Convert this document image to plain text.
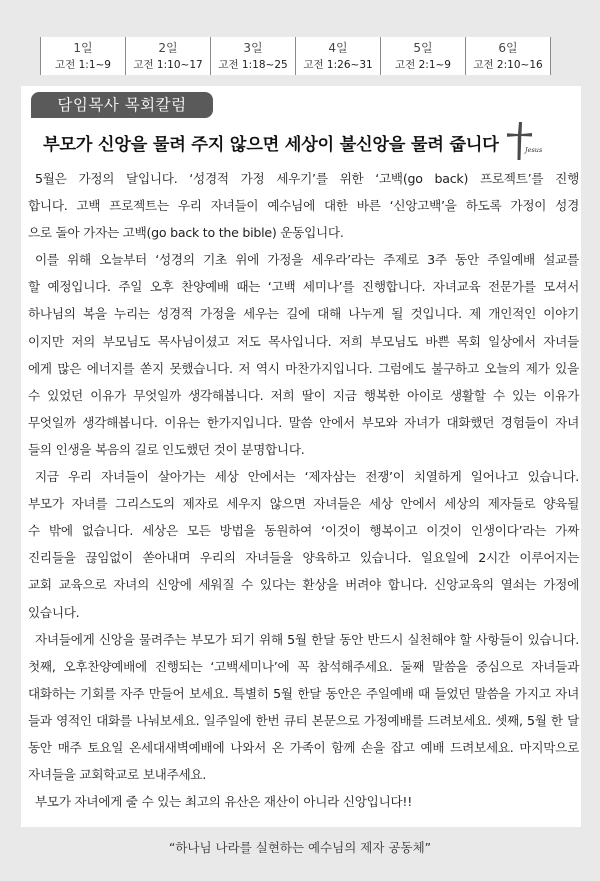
1일
고전 1:1~9
2일
고전 1:10~17
3일
고전 1:18~25
4일
고전 1:26~31
5일
고전 2:1~9
6일
고전 2:10~16
담임목사 목회칼럼
부모가 신앙을 물려 주지 않으면 세상이 불신앙을 물려 줍니다	Jesus
5월은 가정의 달입니다. ‘성경적 가정 세우기’를 위한 ‘고백(go back) 프로젝트’를 진행
합니다. 고백 프로젝트는 우리 자녀들이 예수님에 대한 바른 ‘신앙고백’을 하도록 가정이 성경
으로 돌아 가자는 고백(go back to the bible) 운동입니다.
이를 위해 오늘부터 ‘성경의 기초 위에 가정을 세우라’라는 주제로 3주 동안 주일예배 설교를
할 예정입니다. 주일 오후 찬양예배 때는 ‘고백 세미나’를 진행합니다. 자녀교육 전문가를 모셔서
하나님의 복을 누리는 성경적 가정을 세우는 길에 대해 나누게 될 것입니다. 제 개인적인 이야기
이지만 저의 부모님도 목사님이셨고 저도 목사입니다. 저희 부모님도 바쁜 목회 일상에서 자녀들
에게 많은 에너지를 쏟지 못했습니다. 저 역시 마찬가지입니다. 그럼에도 불구하고 오늘의 제가 있을
수 있었던 이유가 무엇일까 생각해봅니다. 저희 딸이 지금 행복한 아이로 생활할 수 있는 이유가
무엇일까 생각해봅니다. 이유는 한가지입니다. 말씀 안에서 부모와 자녀가 대화했던 경험들이 자녀
들의 인생을 복음의 길로 인도했던 것이 분명합니다.
지금 우리 자녀들이 살아가는 세상 안에서는 ‘제자삼는 전쟁’이 치열하게 일어나고 있습니다.
부모가 자녀를 그리스도의 제자로 세우지 않으면 자녀들은 세상 안에서 세상의 제자들로 양육될
수 밖에 없습니다. 세상은 모든 방법을 동원하여 ‘이것이 행복이고 이것이 인생이다’라는 가짜
진리들을 끊임없이 쏟아내며 우리의 자녀들을 양육하고 있습니다. 일요일에 2시간 이루어지는
교회 교육으로 자녀의 신앙에 세워질 수 있다는 환상을 버려야 합니다. 신앙교육의 열쇠는 가정에
있습니다.
자녀들에게 신앙을 물려주는 부모가 되기 위해 5월 한달 동안 반드시 실천해야 할 사항들이 있습니다.
첫째, 오후찬양예배에 진행되는 ‘고백세미나’에 꼭 참석해주세요. 둘째 말씀을 중심으로 자녀들과
대화하는 기회를 자주 만들어 보세요. 특별히 5월 한달 동안은 주일예배 때 들었던 말씀을 가지고 자녀
들과 영적인 대화를 나눠보세요. 일주일에 한번 큐티 본문으로 가정예배를 드려보세요. 셋째, 5월 한 달
동안 매주 토요일 온세대새벽예배에 나와서 온 가족이 함께 손을 잡고 예배 드려보세요. 마지막으로
자녀들을 교회학교로 보내주세요.
부모가 자녀에게 줄 수 있는 최고의 유산은 재산이 아니라 신앙입니다!!
“하나님 나라를 실현하는 예수님의 제자 공동체”
